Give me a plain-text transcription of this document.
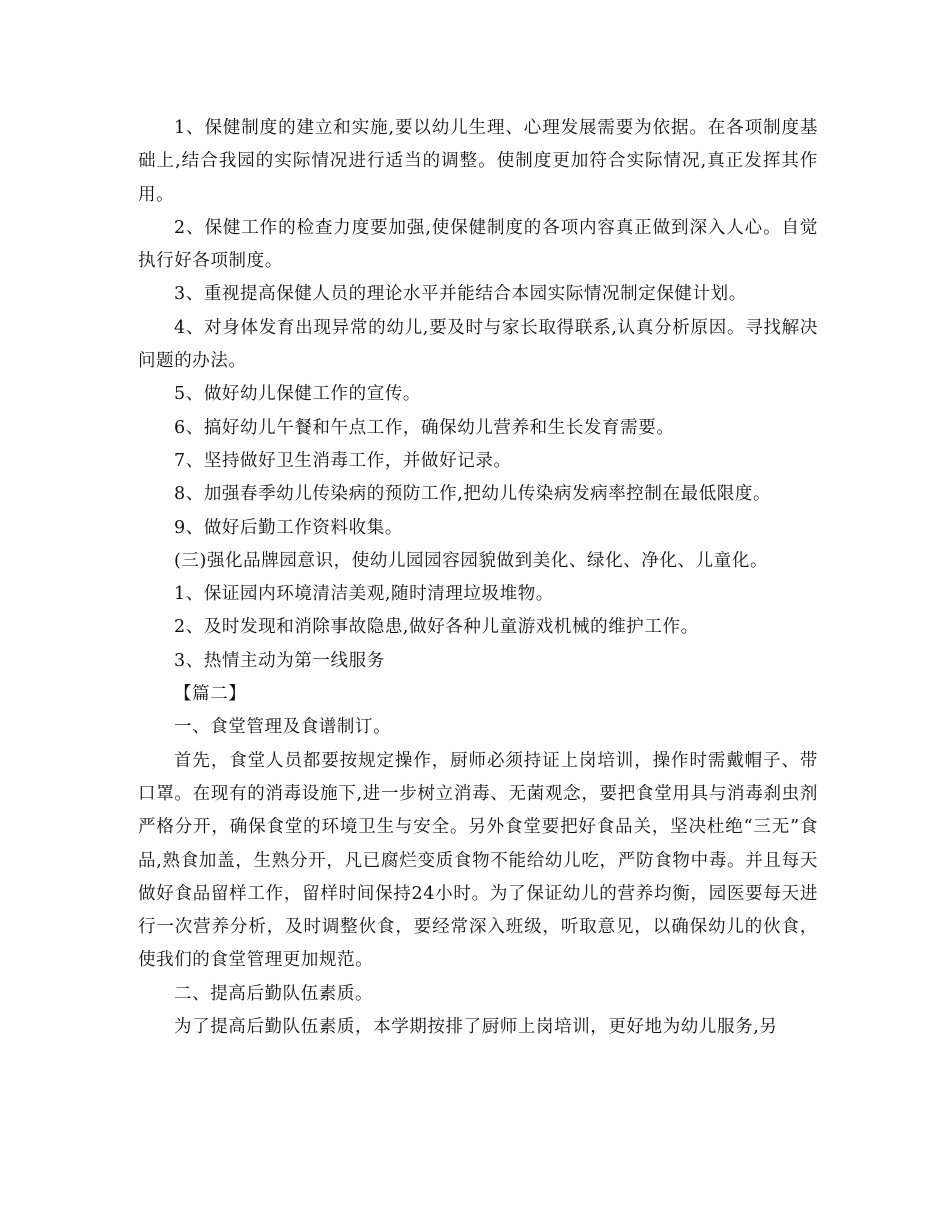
1、保健制度的建立和实施,要以幼儿生理、心理发展需要为依据。在各项制度基础上,结合我园的实际情况进行适当的调整。使制度更加符合实际情况,真正发挥其作用。

2、保健工作的检查力度要加强,使保健制度的各项内容真正做到深入人心。自觉执行好各项制度。

3、重视提高保健人员的理论水平并能结合本园实际情况制定保健计划。

4、对身体发育出现异常的幼儿,要及时与家长取得联系,认真分析原因。寻找解决问题的办法。

5、做好幼儿保健工作的宣传。

6、搞好幼儿午餐和午点工作，确保幼儿营养和生长发育需要。

7、坚持做好卫生消毒工作，并做好记录。

8、加强春季幼儿传染病的预防工作,把幼儿传染病发病率控制在最低限度。

9、做好后勤工作资料收集。

(三)强化品牌园意识，使幼儿园园容园貌做到美化、绿化、净化、儿童化。

1、保证园内环境清洁美观,随时清理垃圾堆物。

2、及时发现和消除事故隐患,做好各种儿童游戏机械的维护工作。

3、热情主动为第一线服务

【篇二】

一、食堂管理及食谱制订。

首先，食堂人员都要按规定操作，厨师必须持证上岗培训，操作时需戴帽子、带口罩。在现有的消毒设施下,进一步树立消毒、无菌观念，要把食堂用具与消毒刹虫剂严格分开，确保食堂的环境卫生与安全。另外食堂要把好食品关，坚决杜绝“三无”食品,熟食加盖，生熟分开，凡已腐烂变质食物不能给幼儿吃，严防食物中毒。并且每天做好食品留样工作，留样时间保持24小时。为了保证幼儿的营养均衡，园医要每天进行一次营养分析，及时调整伙食，要经常深入班级，听取意见，以确保幼儿的伙食，使我们的食堂管理更加规范。

二、提高后勤队伍素质。

为了提高后勤队伍素质，本学期按排了厨师上岗培训，更好地为幼儿服务,另
